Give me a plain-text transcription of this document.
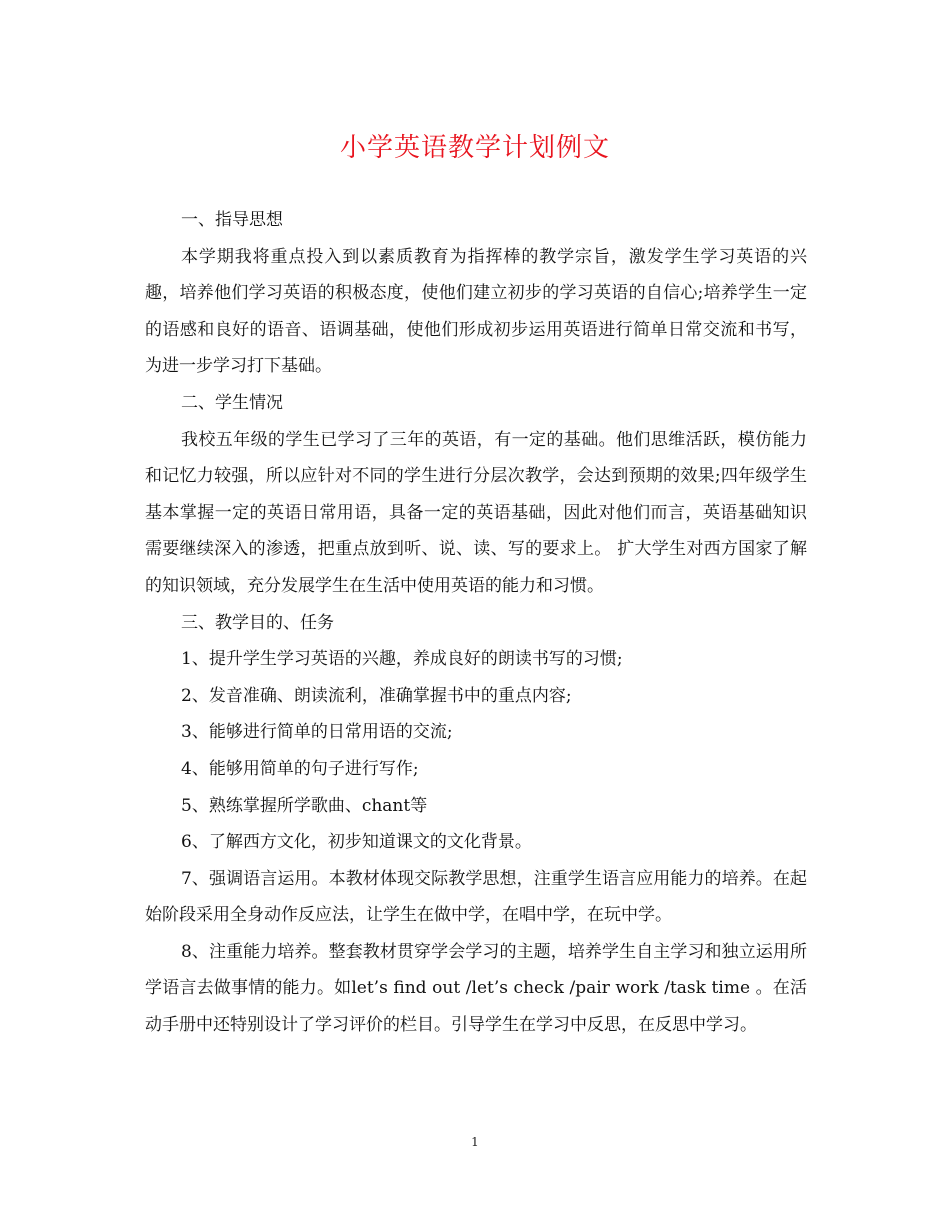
小学英语教学计划例文

一、指导思想

本学期我将重点投入到以素质教育为指挥棒的教学宗旨，激发学生学习英语的兴趣，培养他们学习英语的积极态度，使他们建立初步的学习英语的自信心;培养学生一定的语感和良好的语音、语调基础，使他们形成初步运用英语进行简单日常交流和书写，为进一步学习打下基础。

二、学生情况

我校五年级的学生已学习了三年的英语，有一定的基础。他们思维活跃，模仿能力和记忆力较强，所以应针对不同的学生进行分层次教学，会达到预期的效果;四年级学生基本掌握一定的英语日常用语，具备一定的英语基础，因此对他们而言，英语基础知识需要继续深入的渗透，把重点放到听、说、读、写的要求上。 扩大学生对西方国家了解的知识领域，充分发展学生在生活中使用英语的能力和习惯。

三、教学目的、任务

1、提升学生学习英语的兴趣，养成良好的朗读书写的习惯;

2、发音准确、朗读流利，准确掌握书中的重点内容;

3、能够进行简单的日常用语的交流;

4、能够用简单的句子进行写作;

5、熟练掌握所学歌曲、chant等

6、了解西方文化，初步知道课文的文化背景。

7、强调语言运用。本教材体现交际教学思想，注重学生语言应用能力的培养。在起始阶段采用全身动作反应法，让学生在做中学，在唱中学，在玩中学。

8、注重能力培养。整套教材贯穿学会学习的主题，培养学生自主学习和独立运用所学语言去做事情的能力。如let’s find out /let’s check /pair work /task time 。在活动手册中还特别设计了学习评价的栏目。引导学生在学习中反思，在反思中学习。

1
